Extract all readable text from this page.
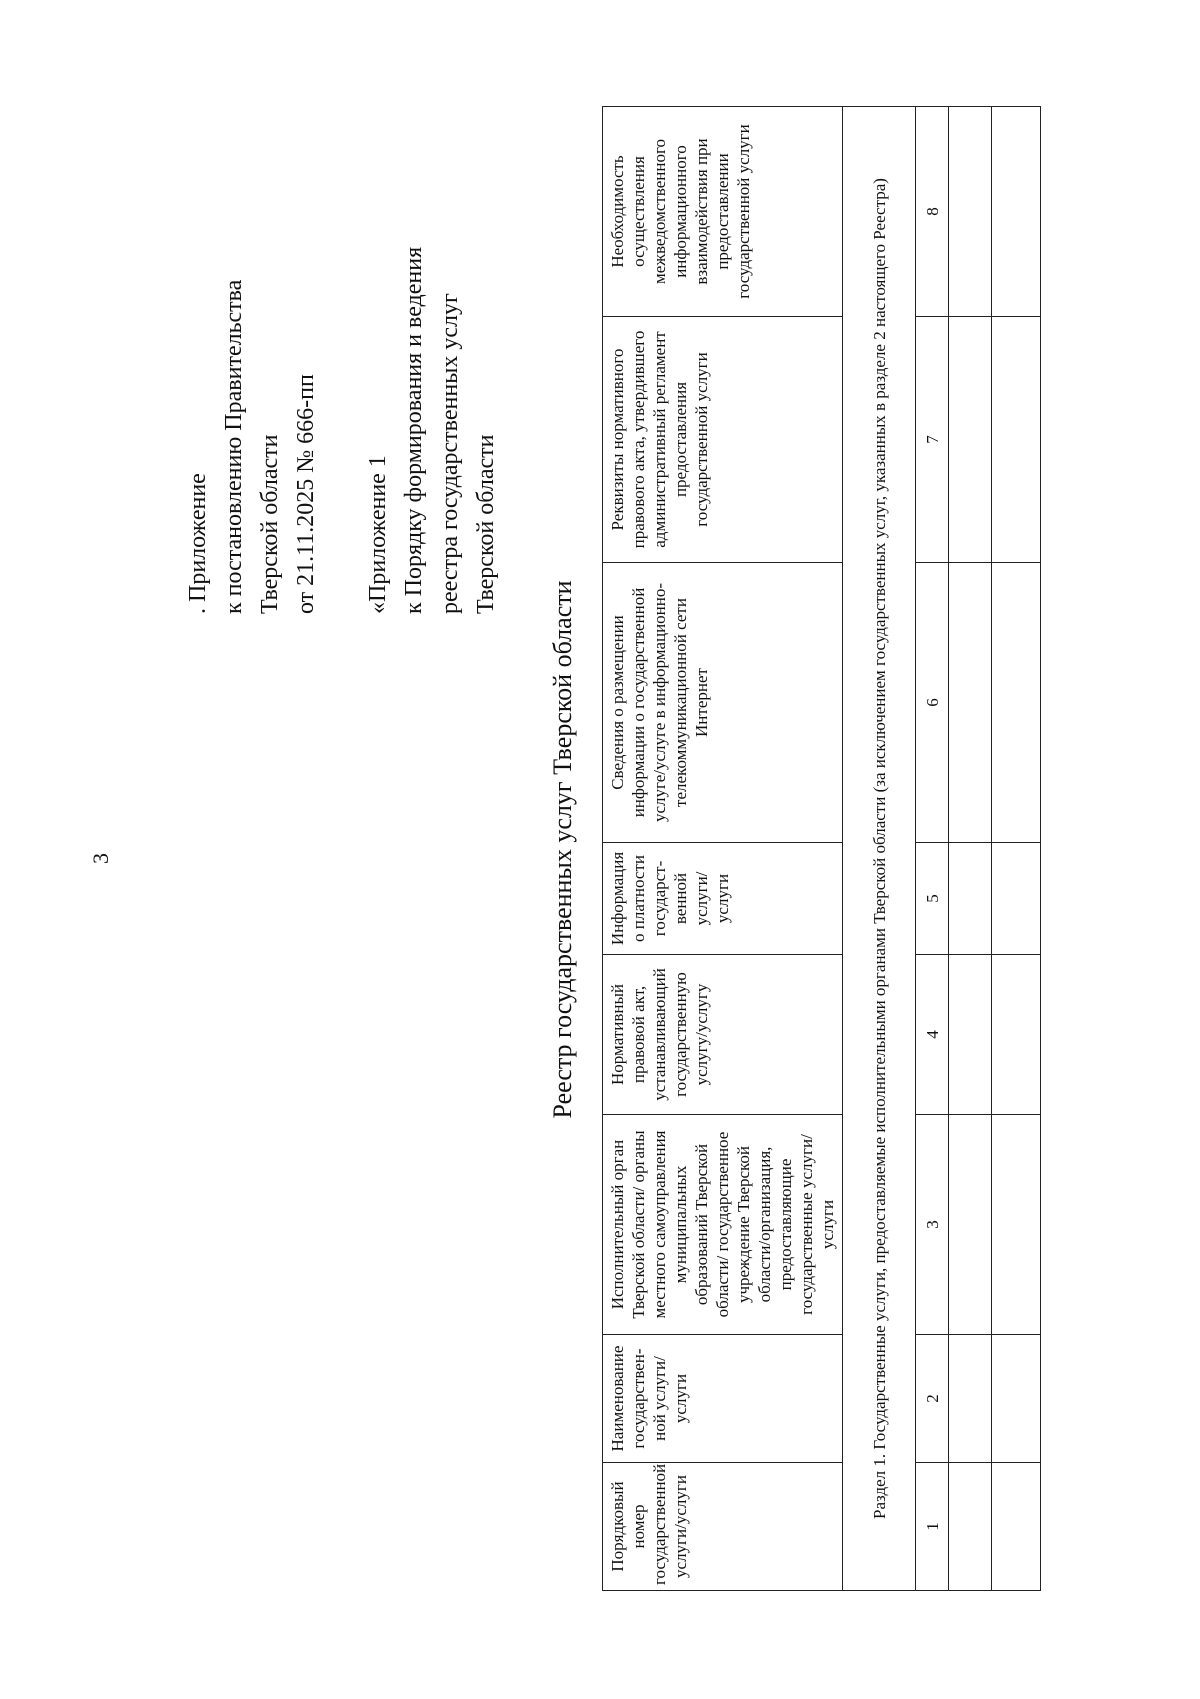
3
. Приложение к постановлению Правительства Тверской области от 21.11.2025 № 666-пп «Приложение 1 к Порядку формирования и ведения реестра государственных услуг Тверской области
Реестр государственных услуг Тверской области
Порядковый номер государственной услуги/услуги	Наименование государствен-ной услуги/ услуги	Исполнительный орган Тверской области/ органы местного самоуправления муниципальных образований Тверской области/ государственное учреждение Тверской области/организация, предоставляющие государственные услуги/услуги	Нормативный правовой акт, устанавливающий государственную услугу/услугу	Информация о платности государст-венной услуги/ услуги	Сведения о размещении информации о государственной услуге/услуге в информационно-телекоммуникационной сети Интернет	Реквизиты нормативного правового акта, утвердившего административный регламент предоставления государственной услуги	Необходимость осуществления межведомственного информационного взаимодействия при предоставлении государственной услуги
Раздел 1. Государственные услуги, предоставляемые исполнительными органами Тверской области (за исключением государственных услуг, указанных в разделе 2 настоящего Реестра)							
1	2	3	4	5	6	7	8
